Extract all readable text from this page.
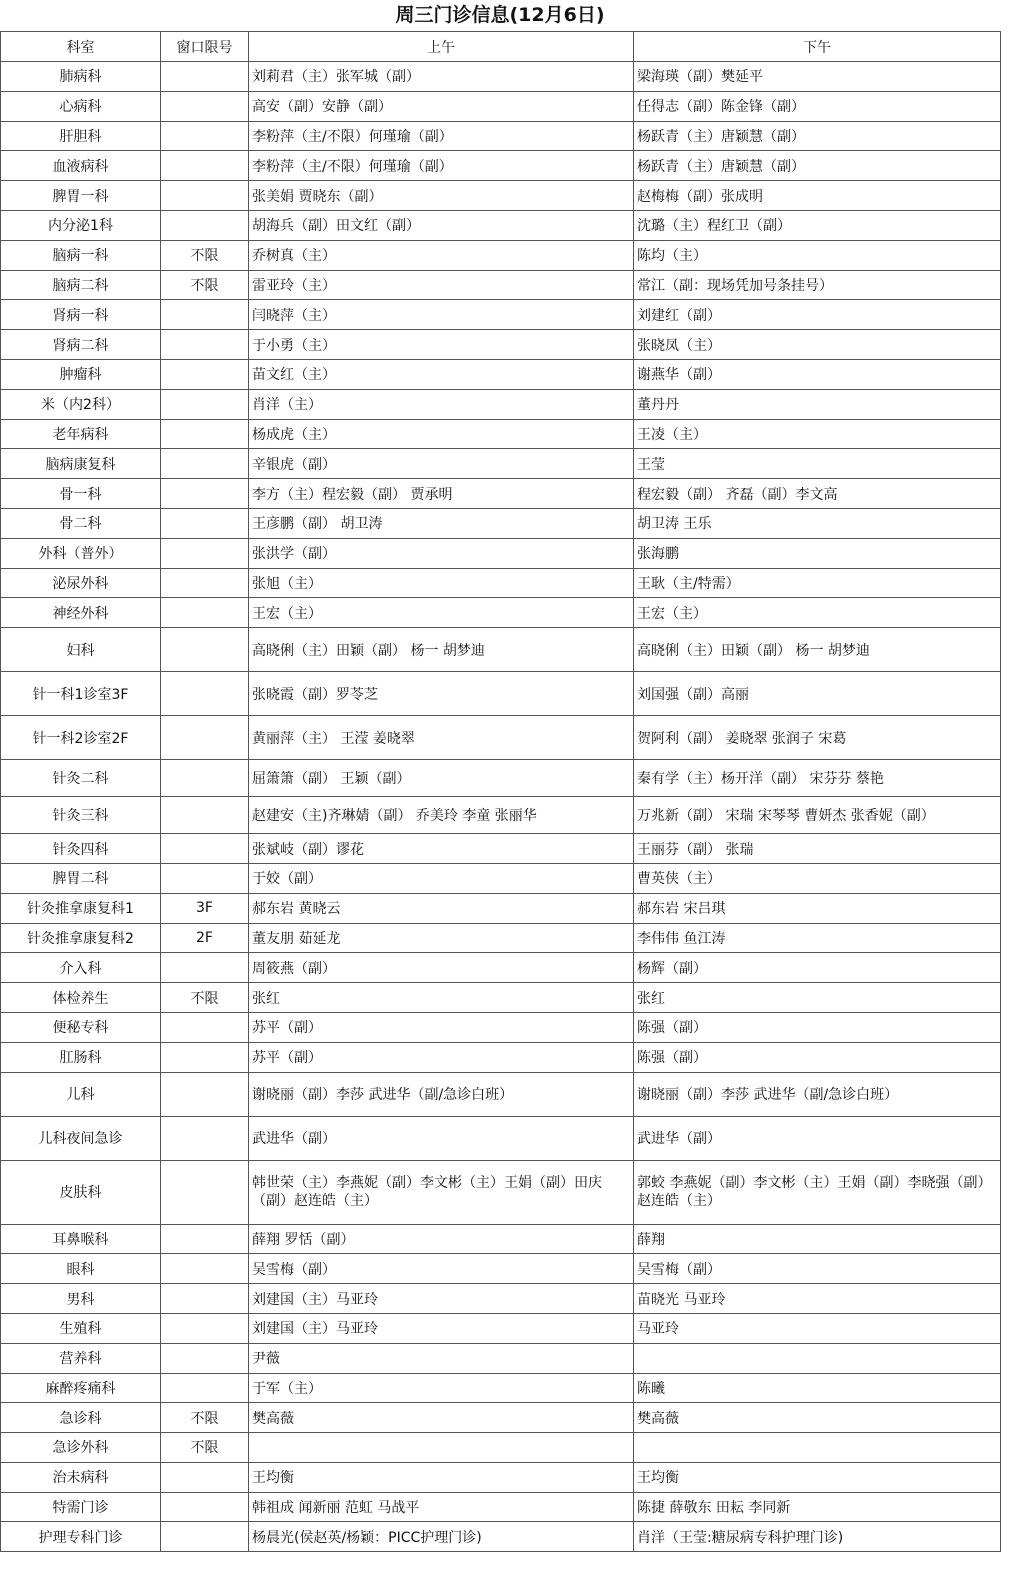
周三门诊信息(12月6日)
科室	窗口限号	上午	下午
肺病科		刘莉君（主）张军城（副）	梁海瑛（副）樊延平
心病科		高安（副）安静（副）	任得志（副）陈金锋（副）
肝胆科		李粉萍（主/不限）何瑾瑜（副）	杨跃青（主）唐颖慧（副）
血液病科		李粉萍（主/不限）何瑾瑜（副）	杨跃青（主）唐颖慧（副）
脾胃一科		张美娟 贾晓东（副）	赵梅梅（副）张成明
内分泌1科		胡海兵（副）田文红（副）	沈璐（主）程红卫（副）
脑病一科	不限	乔树真（主）	陈均（主）
脑病二科	不限	雷亚玲（主）	常江（副：现场凭加号条挂号）
肾病一科		闫晓萍（主）	刘建红（副）
肾病二科		于小勇（主）	张晓凤（主）
肿瘤科		苗文红（主）	谢燕华（副）
米（内2科）		肖洋（主）	董丹丹
老年病科		杨成虎（主）	王凌（主）
脑病康复科		辛银虎（副）	王莹
骨一科		李方（主）程宏毅（副） 贾承明	程宏毅（副） 齐磊（副）李文高
骨二科		王彦鹏（副） 胡卫涛	胡卫涛 王乐
外科（普外）		张洪学（副）	张海鹏
泌尿外科		张旭（主）	王耿（主/特需）
神经外科		王宏（主）	王宏（主）
妇科		高晓俐（主）田颖（副） 杨一 胡梦迪	高晓俐（主）田颖（副） 杨一 胡梦迪
针一科1诊室3F		张晓霞（副）罗苓芝	刘国强（副）高丽
针一科2诊室2F		黄丽萍（主） 王滢 姜晓翠	贺阿利（副） 姜晓翠 张润子 宋葛
针灸二科		屈箫箫（副） 王颖（副）	秦有学（主）杨开洋（副） 宋芬芬 蔡艳
针灸三科		赵建安（主)齐琳婧（副） 乔美玲 李童 张丽华	万兆新（副） 宋瑞 宋琴琴 曹妍杰 张香妮（副）
针灸四科		张斌岐（副）谬花	王丽芬（副） 张瑞
脾胃二科		于姣（副）	曹英侠（主）
针灸推拿康复科1	3F	郝东岩 黄晓云	郝东岩 宋吕琪
针灸推拿康复科2	2F	董友朋 茹延龙	李伟伟 鱼江涛
介入科		周筱燕（副）	杨辉（副）
体检养生	不限	张红	张红
便秘专科		苏平（副）	陈强（副）
肛肠科		苏平（副）	陈强（副）
儿科		谢晓丽（副）李莎 武进华（副/急诊白班）	谢晓丽（副）李莎 武进华（副/急诊白班）
儿科夜间急诊		武进华（副）	武进华（副）
皮肤科		韩世荣（主）李燕妮（副）李文彬（主）王娟（副）田庆（副）赵连皓（主）	郭蛟 李燕妮（副）李文彬（主）王娟（副）李晓强（副）赵连皓（主）
耳鼻喉科		薛翔 罗恬（副）	薛翔
眼科		吴雪梅（副）	吴雪梅（副）
男科		刘建国（主）马亚玲	苗晓光 马亚玲
生殖科		刘建国（主）马亚玲	马亚玲
营养科		尹薇	
麻醉疼痛科		于军（主）	陈曦
急诊科	不限	樊高薇	樊高薇
急诊外科	不限		
治未病科		王均衡	王均衡
特需门诊		韩祖成 闻新丽 范虹 马战平	陈捷 薛敬东 田耘 李同新
护理专科门诊		杨晨光(侯赵英/杨颖：PICC护理门诊)	肖洋（王莹:糖尿病专科护理门诊)
